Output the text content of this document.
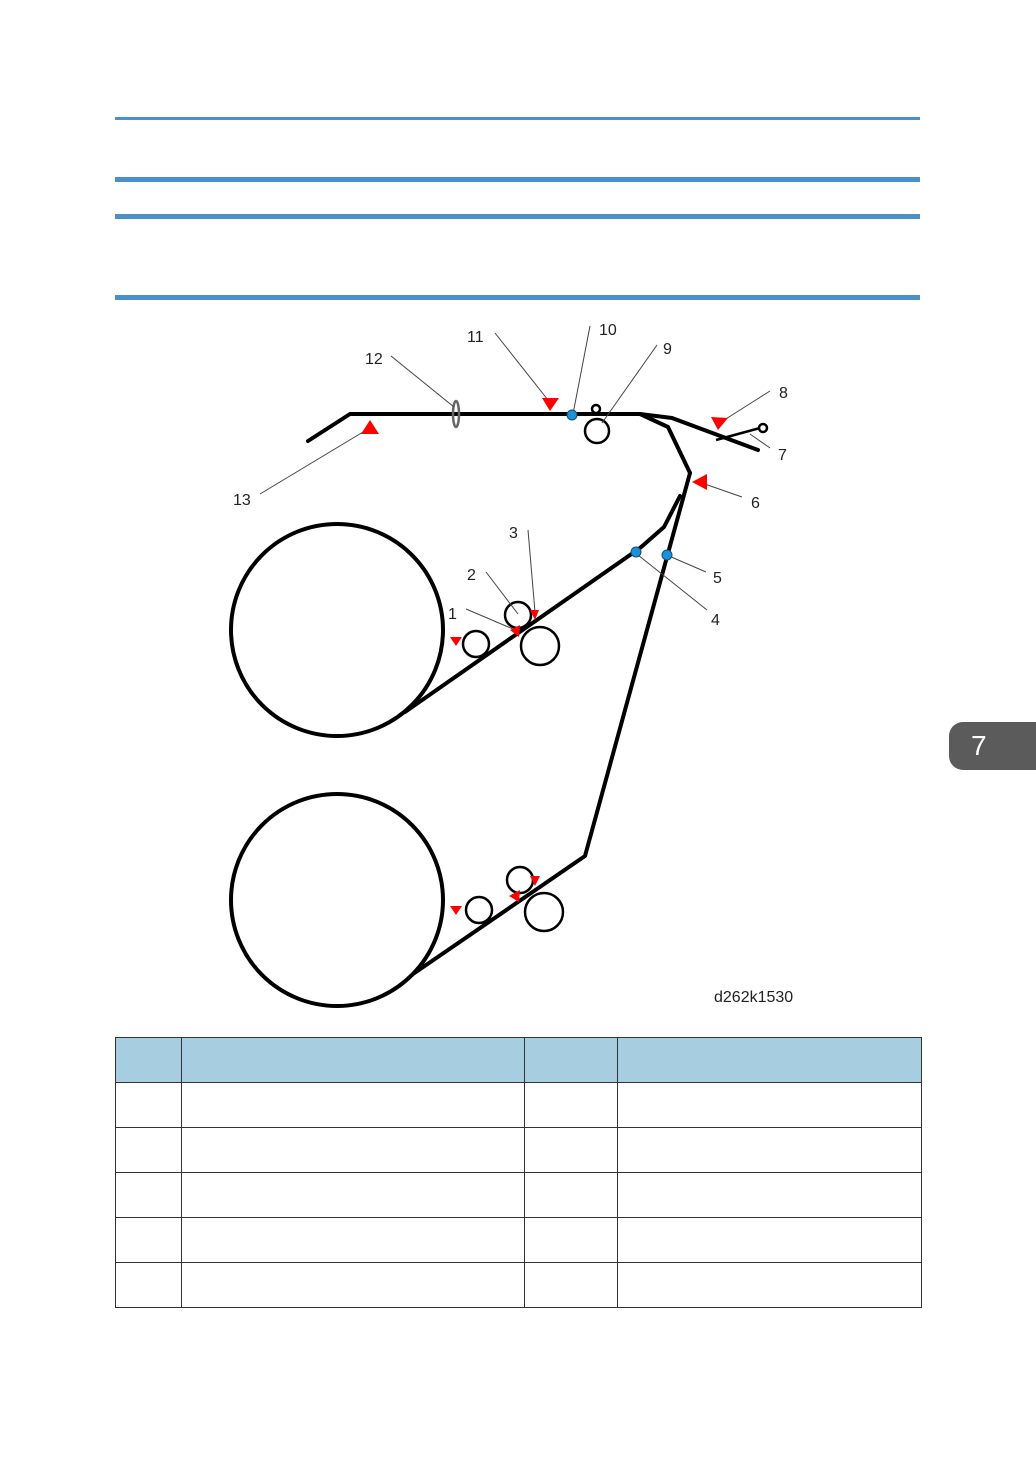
1
2
3
4
5
6
7
8
9
10
11
12
13
d262k1530

7
